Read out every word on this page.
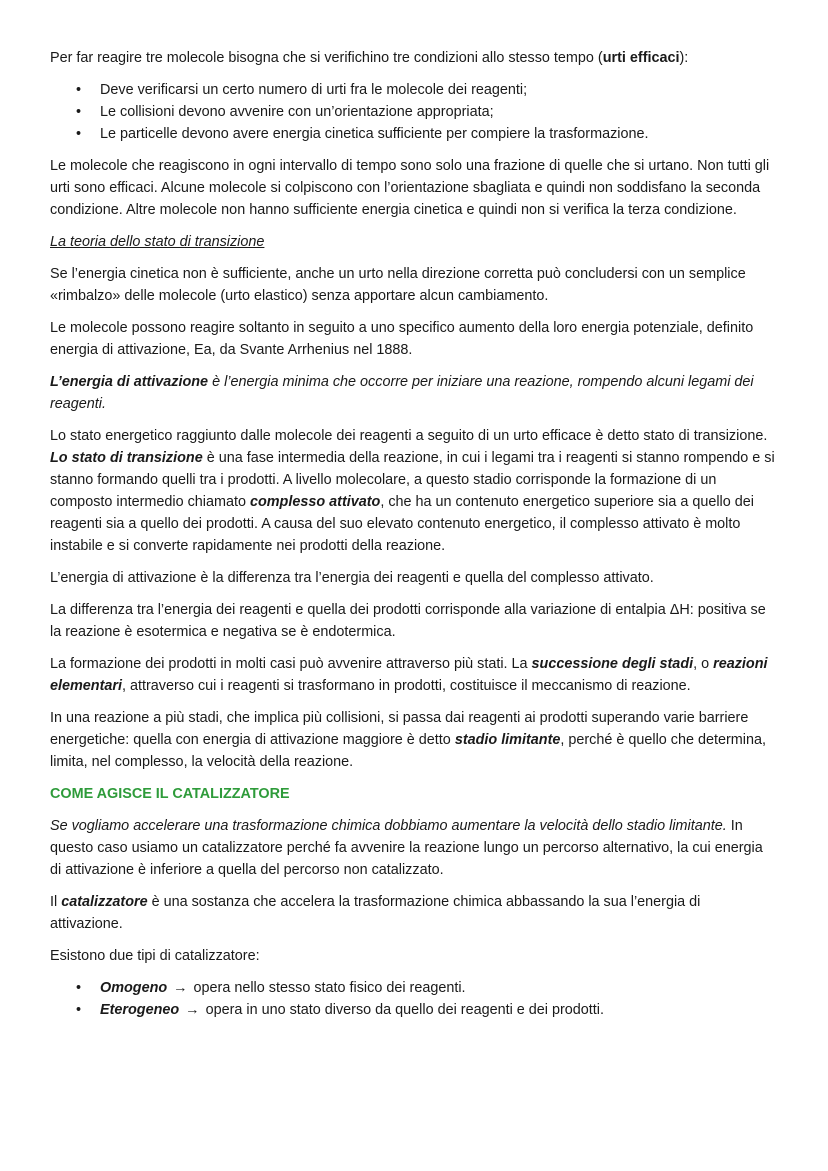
Per far reagire tre molecole bisogna che si verifichino tre condizioni allo stesso tempo (urti efficaci):

• Deve verificarsi un certo numero di urti fra le molecole dei reagenti;
• Le collisioni devono avvenire con un’orientazione appropriata;
• Le particelle devono avere energia cinetica sufficiente per compiere la trasformazione.

Le molecole che reagiscono in ogni intervallo di tempo sono solo una frazione di quelle che si urtano. Non tutti gli urti sono efficaci. Alcune molecole si colpiscono con l’orientazione sbagliata e quindi non soddisfano la seconda condizione. Altre molecole non hanno sufficiente energia cinetica e quindi non si verifica la terza condizione.

La teoria dello stato di transizione

Se l’energia cinetica non è sufficiente, anche un urto nella direzione corretta può concludersi con un semplice «rimbalzo» delle molecole (urto elastico) senza apportare alcun cambiamento.

Le molecole possono reagire soltanto in seguito a uno specifico aumento della loro energia potenziale, definito energia di attivazione, Ea, da Svante Arrhenius nel 1888.

L’energia di attivazione è l’energia minima che occorre per iniziare una reazione, rompendo alcuni legami dei reagenti.

Lo stato energetico raggiunto dalle molecole dei reagenti a seguito di un urto efficace è detto stato di transizione. Lo stato di transizione è una fase intermedia della reazione, in cui i legami tra i reagenti si stanno rompendo e si stanno formando quelli tra i prodotti. A livello molecolare, a questo stadio corrisponde la formazione di un composto intermedio chiamato complesso attivato, che ha un contenuto energetico superiore sia a quello dei reagenti sia a quello dei prodotti. A causa del suo elevato contenuto energetico, il complesso attivato è molto instabile e si converte rapidamente nei prodotti della reazione.

L’energia di attivazione è la differenza tra l’energia dei reagenti e quella del complesso attivato.

La differenza tra l’energia dei reagenti e quella dei prodotti corrisponde alla variazione di entalpia ΔH: positiva se la reazione è esotermica e negativa se è endotermica.

La formazione dei prodotti in molti casi può avvenire attraverso più stati. La successione degli stadi, o reazioni elementari, attraverso cui i reagenti si trasformano in prodotti, costituisce il meccanismo di reazione.

In una reazione a più stadi, che implica più collisioni, si passa dai reagenti ai prodotti superando varie barriere energetiche: quella con energia di attivazione maggiore è detto stadio limitante, perché è quello che determina, limita, nel complesso, la velocità della reazione.

COME AGISCE IL CATALIZZATORE

Se vogliamo accelerare una trasformazione chimica dobbiamo aumentare la velocità dello stadio limitante. In questo caso usiamo un catalizzatore perché fa avvenire la reazione lungo un percorso alternativo, la cui energia di attivazione è inferiore a quella del percorso non catalizzato.

Il catalizzatore è una sostanza che accelera la trasformazione chimica abbassando la sua l’energia di attivazione.

Esistono due tipi di catalizzatore:

• Omogeno → opera nello stesso stato fisico dei reagenti.
• Eterogeneo → opera in uno stato diverso da quello dei reagenti e dei prodotti.
